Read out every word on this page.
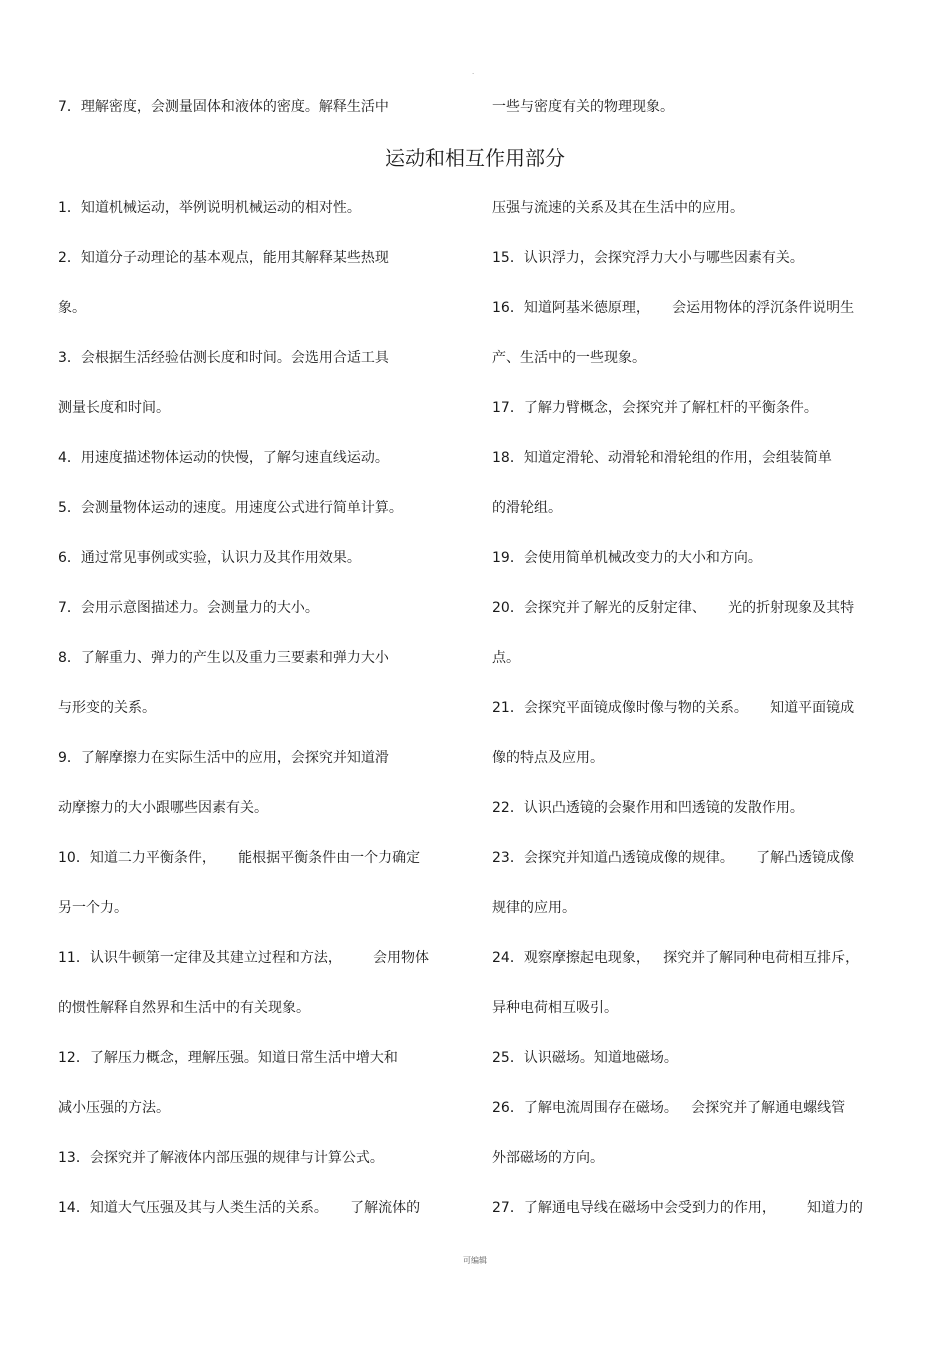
·
7．理解密度，会测量固体和液体的密度。解释生活中	一些与密度有关的物理现象。
运动和相互作用部分
1．知道机械运动，举例说明机械运动的相对性。
2．知道分子动理论的基本观点，能用其解释某些热现
象。
3．会根据生活经验估测长度和时间。会选用合适工具
测量长度和时间。
4．用速度描述物体运动的快慢，了解匀速直线运动。
5．会测量物体运动的速度。用速度公式进行简单计算。
6．通过常见事例或实验，认识力及其作用效果。
7．会用示意图描述力。会测量力的大小。
8．了解重力、弹力的产生以及重力三要素和弹力大小
与形变的关系。
9．了解摩擦力在实际生活中的应用，会探究并知道滑
动摩擦力的大小跟哪些因素有关。
10．知道二力平衡条件，     能根据平衡条件由一个力确定
另一个力。
11．认识牛顿第一定律及其建立过程和方法，       会用物体
的惯性解释自然界和生活中的有关现象。
12．了解压力概念，理解压强。知道日常生活中增大和
减小压强的方法。
13．会探究并了解液体内部压强的规律与计算公式。
14．知道大气压强及其与人类生活的关系。     了解流体的
压强与流速的关系及其在生活中的应用。
15．认识浮力，会探究浮力大小与哪些因素有关。
16．知道阿基米德原理，     会运用物体的浮沉条件说明生
产、生活中的一些现象。
17．了解力臂概念，会探究并了解杠杆的平衡条件。
18．知道定滑轮、动滑轮和滑轮组的作用，会组装简单
的滑轮组。
19．会使用简单机械改变力的大小和方向。
20．会探究并了解光的反射定律、     光的折射现象及其特
点。
21．会探究平面镜成像时像与物的关系。     知道平面镜成
像的特点及应用。
22．认识凸透镜的会聚作用和凹透镜的发散作用。
23．会探究并知道凸透镜成像的规律。     了解凸透镜成像
规律的应用。
24．观察摩擦起电现象，   探究并了解同种电荷相互排斥，
异种电荷相互吸引。
25．认识磁场。知道地磁场。
26．了解电流周围存在磁场。   会探究并了解通电螺线管
外部磁场的方向。
27．了解通电导线在磁场中会受到力的作用，       知道力的
可编辑
